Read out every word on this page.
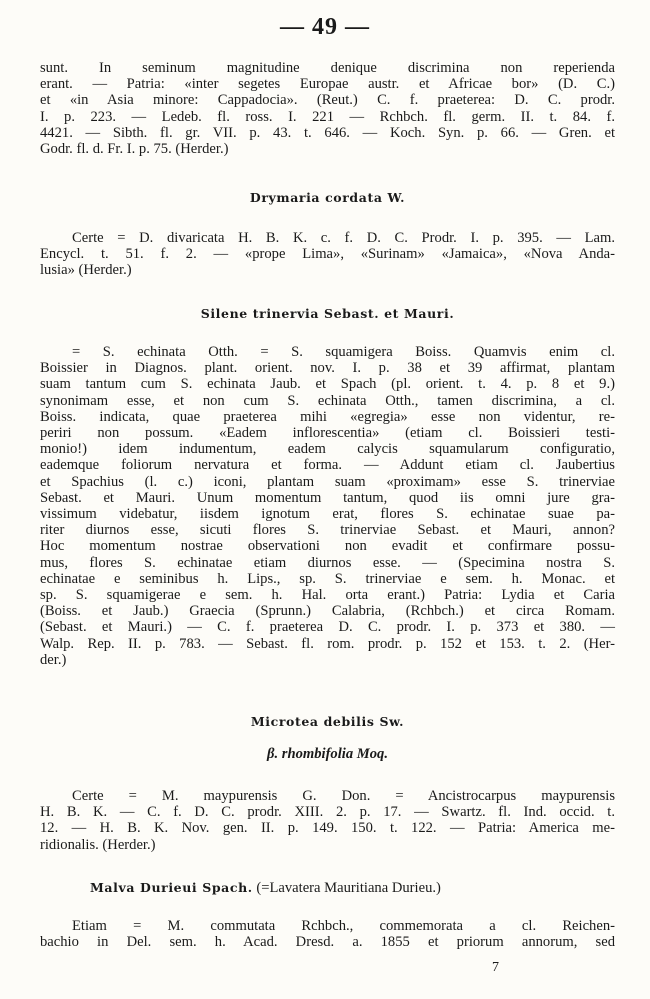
— 49 —
sunt. In seminum magnitudine denique discrimina non reperienda
erant. — Patria: «inter segetes Europae austr. et Africae bor» (D. C.)
et «in Asia minore: Cappadocia». (Reut.) C. f. praeterea: D. C. prodr.
I. p. 223. — Ledeb. fl. ross. I. 221 — Rchbch. fl. germ. II. t. 84. f.
4421. — Sibth. fl. gr. VII. p. 43. t. 646. — Koch. Syn. p. 66. — Gren. et
Godr. fl. d. Fr. I. p. 75. (Herder.)
Drymaria cordata W.
Certe = D. divaricata H. B. K. c. f. D. C. Prodr. I. p. 395. — Lam.
Encycl. t. 51. f. 2. — «prope Lima», «Surinam» «Jamaica», «Nova Anda-
lusia» (Herder.)
Silene trinervia Sebast. et Mauri.
= S. echinata Otth. = S. squamigera Boiss. Quamvis enim cl.
Boissier in Diagnos. plant. orient. nov. I. p. 38 et 39 affirmat, plantam
suam tantum cum S. echinata Jaub. et Spach (pl. orient. t. 4. p. 8 et 9.)
synonimam esse, et non cum S. echinata Otth., tamen discrimina, a cl.
Boiss. indicata, quae praeterea mihi «egregia» esse non videntur, re-
periri non possum. «Eadem inflorescentia» (etiam cl. Boissieri testi-
monio!) idem indumentum, eadem calycis squamularum configuratio,
eademque foliorum nervatura et forma. — Addunt etiam cl. Jaubertius
et Spachius (l. c.) iconi, plantam suam «proximam» esse S. trinerviae
Sebast. et Mauri. Unum momentum tantum, quod iis omni jure gra-
vissimum videbatur, iisdem ignotum erat, flores S. echinatae suae pa-
riter diurnos esse, sicuti flores S. trinerviae Sebast. et Mauri, annon?
Hoc momentum nostrae observationi non evadit et confirmare possu-
mus, flores S. echinatae etiam diurnos esse. — (Specimina nostra S.
echinatae e seminibus h. Lips., sp. S. trinerviae e sem. h. Monac. et
sp. S. squamigerae e sem. h. Hal. orta erant.) Patria: Lydia et Caria
(Boiss. et Jaub.) Graecia (Sprunn.) Calabria, (Rchbch.) et circa Romam.
(Sebast. et Mauri.) — C. f. praeterea D. C. prodr. I. p. 373 et 380. —
Walp. Rep. II. p. 783. — Sebast. fl. rom. prodr. p. 152 et 153. t. 2. (Her-
der.)
Microtea debilis Sw.
β. rhombifolia Moq.
Certe = M. maypurensis G. Don. = Ancistrocarpus maypurensis
H. B. K. — C. f. D. C. prodr. XIII. 2. p. 17. — Swartz. fl. Ind. occid. t.
12. — H. B. K. Nov. gen. II. p. 149. 150. t. 122. — Patria: America me-
ridionalis. (Herder.)
Malva Durieui Spach. (=Lavatera Mauritiana Durieu.)
Etiam = M. commutata Rchbch., commemorata a cl. Reichen-
bachio in Del. sem. h. Acad. Dresd. a. 1855 et priorum annorum, sed
7
